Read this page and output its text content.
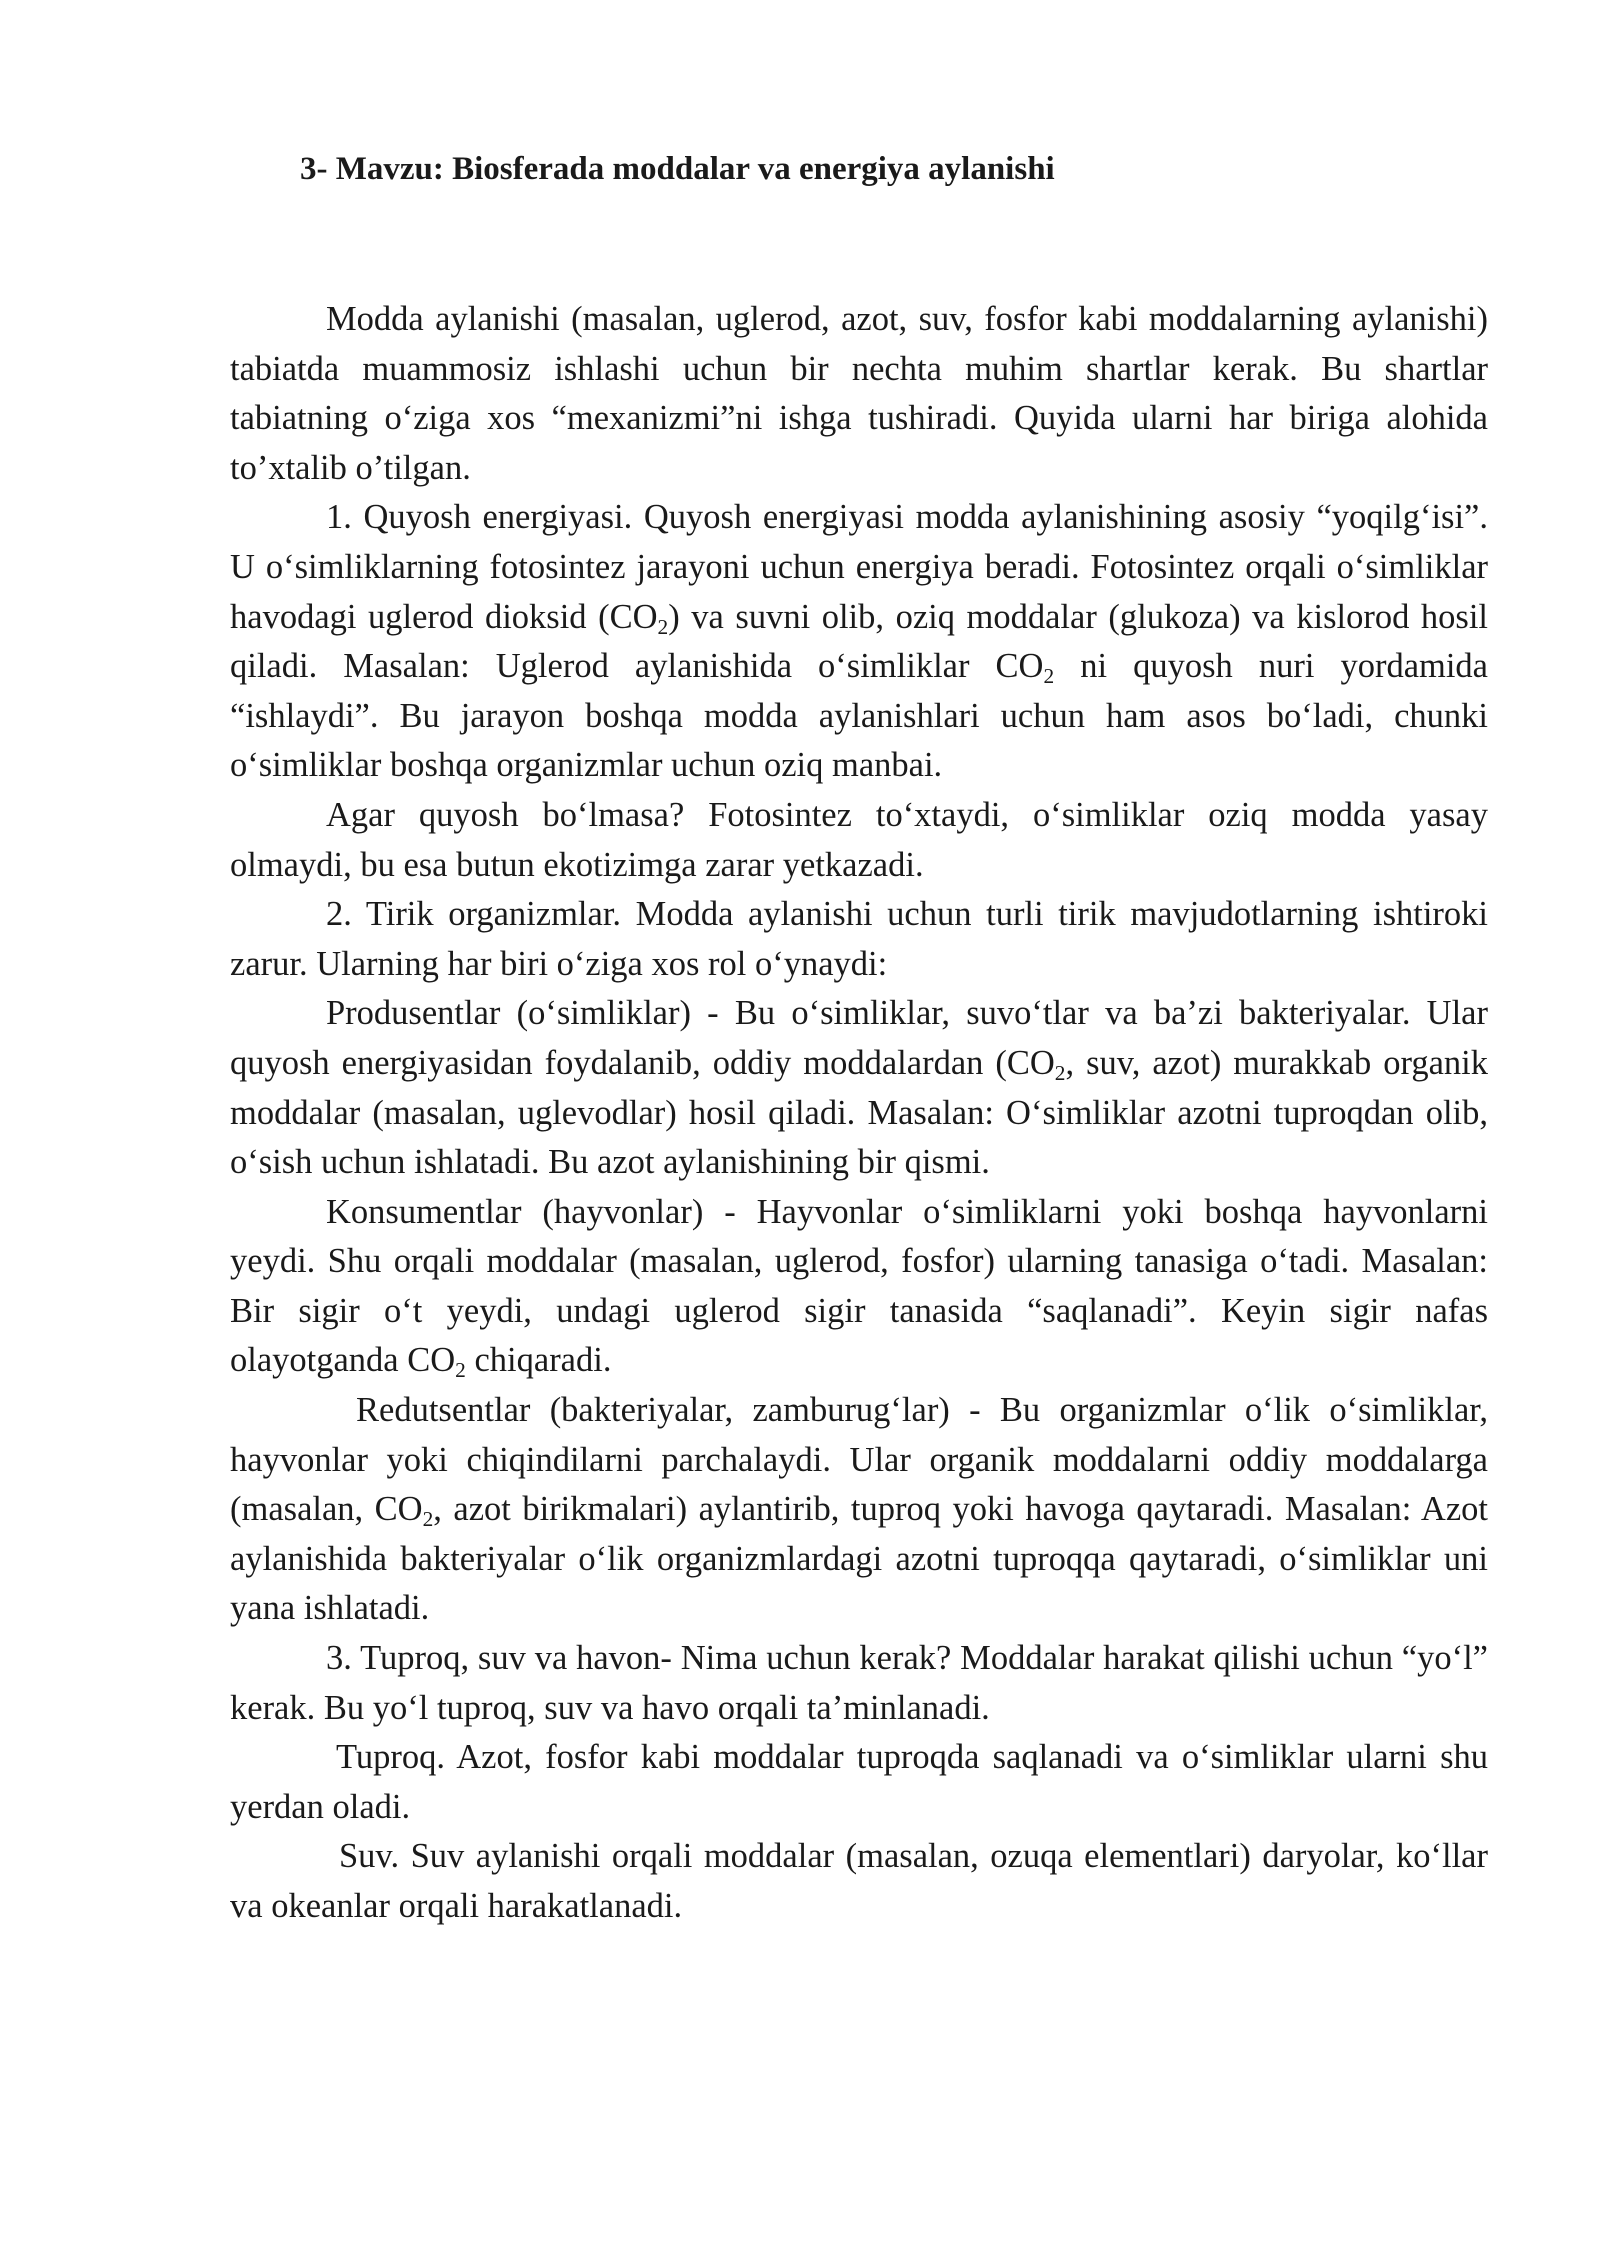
3- Mavzu: Biosferada moddalar va energiya aylanishi

Modda aylanishi (masalan, uglerod, azot, suv, fosfor kabi moddalarning aylanishi) tabiatda muammosiz ishlashi uchun bir nechta muhim shartlar kerak. Bu shartlar tabiatning o‘ziga xos “mexanizmi”ni ishga tushiradi. Quyida ularni har biriga alohida to’xtalib o’tilgan.

1. Quyosh energiyasi. Quyosh energiyasi modda aylanishining asosiy “yoqilg‘isi”. U o‘simliklarning fotosintez jarayoni uchun energiya beradi. Fotosintez orqali o‘simliklar havodagi uglerod dioksid $(CO_2)$ va suvni olib, oziq moddalar (glukoza) va kislorod hosil qiladi. Masalan: Uglerod aylanishida o‘simliklar $CO_2$ ni quyosh nuri yordamida “ishlaydi”. Bu jarayon boshqa modda aylanishlari uchun ham asos bo‘ladi, chunki o‘simliklar boshqa organizmlar uchun oziq manbai.

Agar quyosh bo‘lmasa? Fotosintez to‘xtaydi, o‘simliklar oziq modda yasay olmaydi, bu esa butun ekotizimga zarar yetkazadi.

2. Tirik organizmlar. Modda aylanishi uchun turli tirik mavjudotlarning ishtiroki zarur. Ularning har biri o‘ziga xos rol o‘ynaydi:

Produsentlar (o‘simliklar) - Bu o‘simliklar, suvo‘tlar va ba’zi bakteriyalar. Ular quyosh energiyasidan foydalanib, oddiy moddalardan ($CO_2$, suv, azot) murakkab organik moddalar (masalan, uglevodlar) hosil qiladi. Masalan: O‘simliklar azotni tuproqdan olib, o‘sish uchun ishlatadi. Bu azot aylanishining bir qismi.

Konsumentlar (hayvonlar) - Hayvonlar o‘simliklarni yoki boshqa hayvonlarni yeydi. Shu orqali moddalar (masalan, uglerod, fosfor) ularning tanasiga o‘tadi. Masalan: Bir sigir o‘t yeydi, undagi uglerod sigir tanasida “saqlanadi”. Keyin sigir nafas olayotganda $CO_2$ chiqaradi.

Redutsentlar (bakteriyalar, zamburug‘lar) - Bu organizmlar o‘lik o‘simliklar, hayvonlar yoki chiqindilarni parchalaydi. Ular organik moddalarni oddiy moddalarga (masalan, $CO_2$, azot birikmalari) aylantirib, tuproq yoki havoga qaytaradi. Masalan: Azot aylanishida bakteriyalar o‘lik organizmlardagi azotni tuproqqa qaytaradi, o‘simliklar uni yana ishlatadi.

3. Tuproq, suv va havon- Nima uchun kerak? Moddalar harakat qilishi uchun “yo‘l” kerak. Bu yo‘l tuproq, suv va havo orqali ta’minlanadi.

Tuproq. Azot, fosfor kabi moddalar tuproqda saqlanadi va o‘simliklar ularni shu yerdan oladi.

Suv. Suv aylanishi orqali moddalar (masalan, ozuqa elementlari) daryolar, ko‘llar va okeanlar orqali harakatlanadi.
